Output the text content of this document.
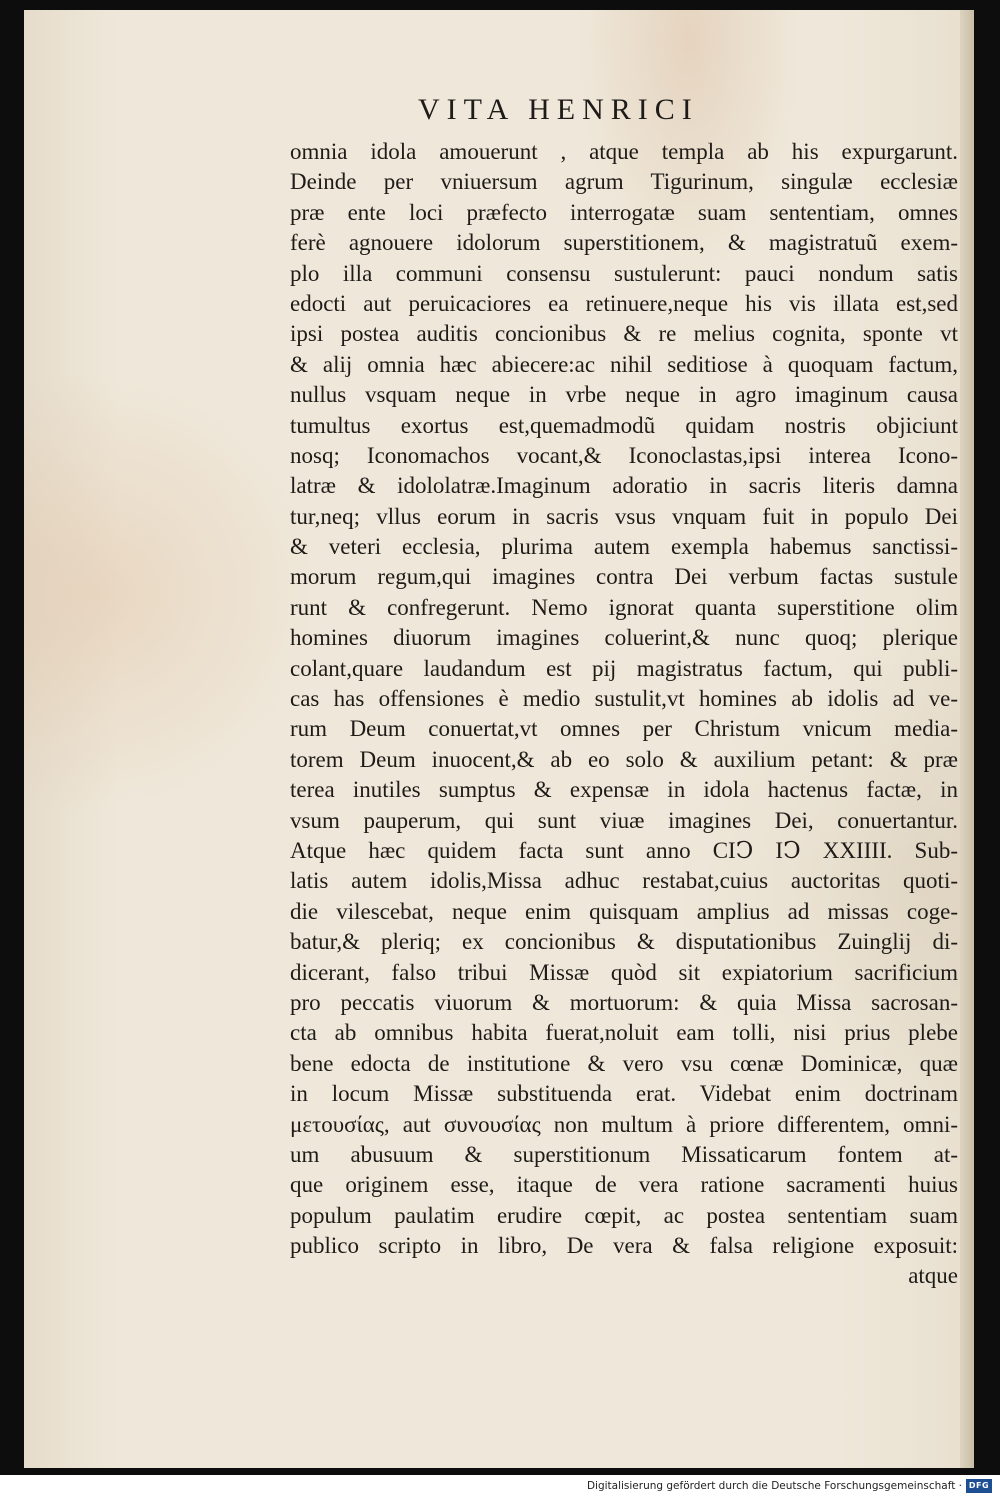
VITA HENRICI
omnia idola amouerunt , atque templa ab his expurgarunt.
Deinde per vniuersum agrum Tigurinum, singulæ ecclesiæ
præ ente loci præfecto interrogatæ suam sententiam, omnes
ferè agnouere idolorum superstitionem, & magistratuũ exem-
plo illa communi consensu sustulerunt: pauci nondum satis
edocti aut peruicaciores ea retinuere,neque his vis illata est,sed
ipsi postea auditis concionibus & re melius cognita, sponte vt
& alij omnia hæc abiecere:ac nihil seditiose à quoquam factum,
nullus vsquam neque in vrbe neque in agro imaginum causa
tumultus exortus est,quemadmodũ quidam nostris objiciunt
nosq; Iconomachos vocant,& Iconoclastas,ipsi interea Icono-
latræ & idololatræ.Imaginum adoratio in sacris literis damna
tur,neq; vllus eorum in sacris vsus vnquam fuit in populo Dei
& veteri ecclesia, plurima autem exempla habemus sanctissi-
morum regum,qui imagines contra Dei verbum factas sustule
runt & confregerunt. Nemo ignorat quanta superstitione olim
homines diuorum imagines coluerint,& nunc quoq; plerique
colant,quare laudandum est pij magistratus factum, qui publi-
cas has offensiones è medio sustulit,vt homines ab idolis ad ve-
rum Deum conuertat,vt omnes per Christum vnicum media-
torem Deum inuocent,& ab eo solo & auxilium petant: & præ
terea inutiles sumptus & expensæ in idola hactenus factæ, in
vsum pauperum, qui sunt viuæ imagines Dei, conuertantur.
Atque hæc quidem facta sunt anno CIↃ IↃ XXIIII. Sub-
latis autem idolis,Missa adhuc restabat,cuius auctoritas quoti-
die vilescebat, neque enim quisquam amplius ad missas coge-
batur,& pleriq; ex concionibus & disputationibus Zuinglij di-
dicerant, falso tribui Missæ quòd sit expiatorium sacrificium
pro peccatis viuorum & mortuorum: & quia Missa sacrosan-
cta ab omnibus habita fuerat,noluit eam tolli, nisi prius plebe
bene edocta de institutione & vero vsu cœnæ Dominicæ, quæ
in locum Missæ substituenda erat. Videbat enim doctrinam
μετουσίας, aut συνουσίας non multum à priore differentem, omni-
um abusuum & superstitionum Missaticarum fontem at-
que originem esse, itaque de vera ratione sacramenti huius
populum paulatim erudire cœpit, ac postea sententiam suam
publico scripto in libro, De vera & falsa religione exposuit:
atque
Digitalisierung gefördert durch die Deutsche Forschungsgemeinschaft · DFG
